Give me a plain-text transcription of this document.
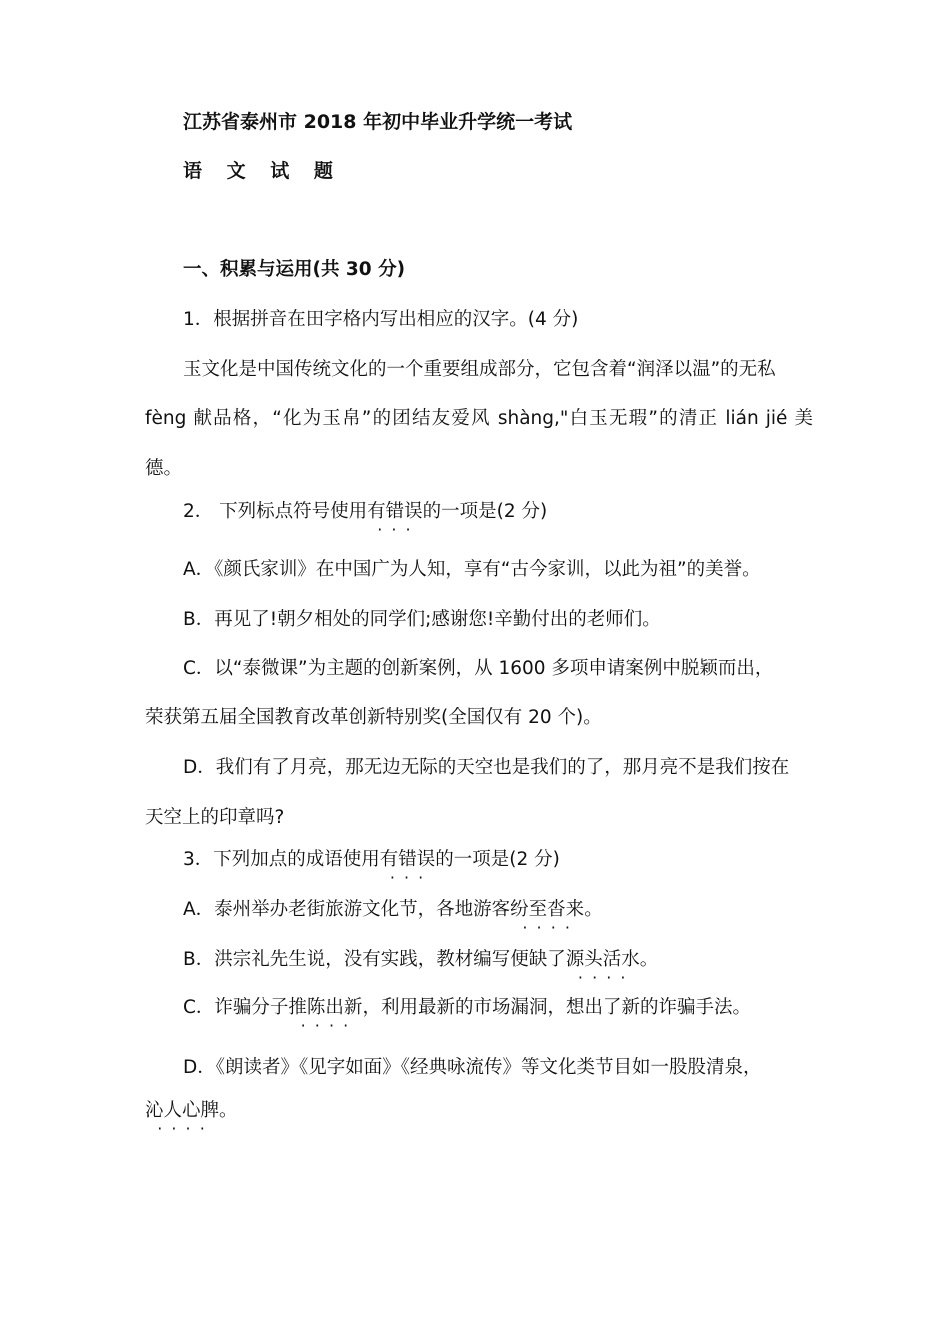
江苏省泰州市 2018 年初中毕业升学统一考试
语 文 试 题
一、积累与运用(共 30 分)
1．根据拼音在田字格内写出相应的汉字。(4 分)
玉文化是中国传统文化的一个重要组成部分，它包含着“润泽以温”的无私
fèng 献品格，“化为玉帛”的团结友爱风 shàng,"白玉无瑕”的清正 lián jié 美
德。
2． 下列标点符号使用有错误 · · ·的一项是(2 分)
A．《颜氏家训》在中国广为人知，享有“古今家训，以此为祖”的美誉。
B．再见了!朝夕相处的同学们;感谢您!辛勤付出的老师们。
C．以“泰微课”为主题的创新案例，从 1600 多项申请案例中脱颖而出，
荣获第五届全国教育改革创新特别奖(全国仅有 20 个)。
D．我们有了月亮，那无边无际的天空也是我们的了，那月亮不是我们按在
天空上的印章吗?
3．下列加点的成语使用有错误 · · ·的一项是(2 分)
A．泰州举办老街旅游文化节，各地游客纷至沓来 · · · ·。
B．洪宗礼先生说，没有实践，教材编写便缺了源头活水 · · · ·。
C．诈骗分子推陈出新 · · · ·，利用最新的市场漏洞，想出了新的诈骗手法。
D．《朗读者》《见字如面》《经典咏流传》等文化类节目如一股股清泉，
沁人心脾 · · · ·。
